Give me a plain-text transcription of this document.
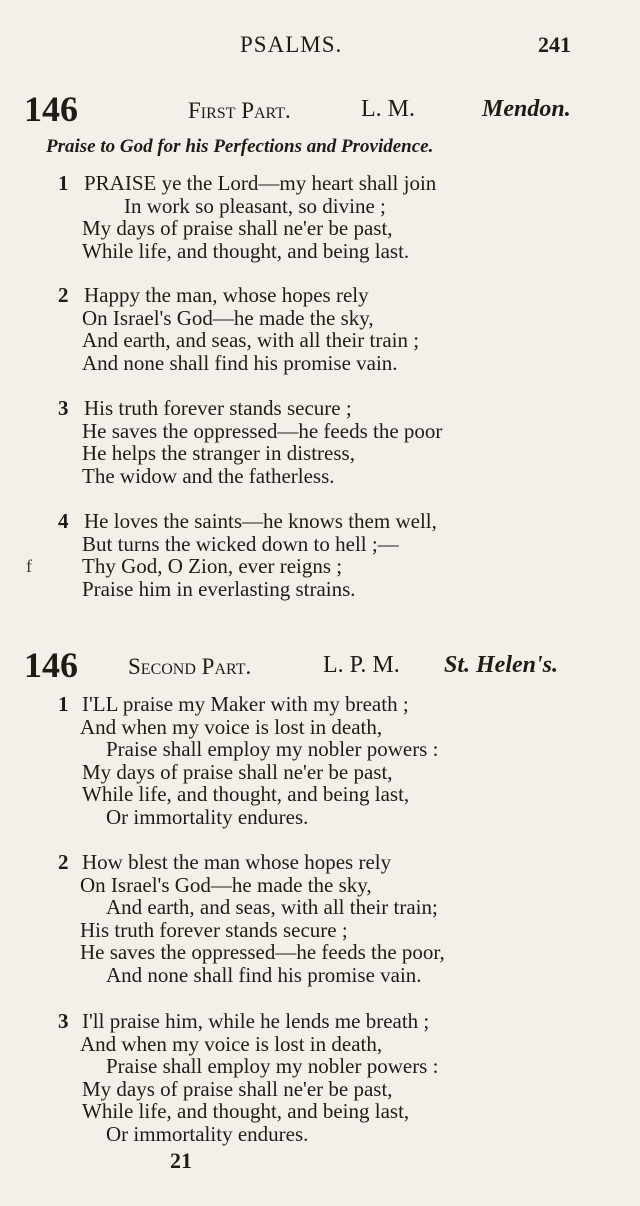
PSALMS.	241
146	First Part.	L. M.	Mendon.
Praise to God for his Perfections and Providence.
1 PRAISE ye the Lord—my heart shall join
In work so pleasant, so divine ;
My days of praise shall ne'er be past,
While life, and thought, and being last.
2 Happy the man, whose hopes rely
On Israel's God—he made the sky,
And earth, and seas, with all their train ;
And none shall find his promise vain.
3 His truth forever stands secure ;
He saves the oppressed—he feeds the poor
He helps the stranger in distress,
The widow and the fatherless.
4 He loves the saints—he knows them well,
But turns the wicked down to hell ;—
Thy God, O Zion, ever reigns ;
Praise him in everlasting strains.
f
146 Second Part.	L. P. M. St. Helen's.
1 I'LL praise my Maker with my breath ;
And when my voice is lost in death,
Praise shall employ my nobler powers :
My days of praise shall ne'er be past,
While life, and thought, and being last,
Or immortality endures.
2 How blest the man whose hopes rely
On Israel's God—he made the sky,
And earth, and seas, with all their train;
His truth forever stands secure ;
He saves the oppressed—he feeds the poor,
And none shall find his promise vain.
3 I'll praise him, while he lends me breath ;
And when my voice is lost in death,
Praise shall employ my nobler powers :
My days of praise shall ne'er be past,
While life, and thought, and being last,
Or immortality endures.
21
